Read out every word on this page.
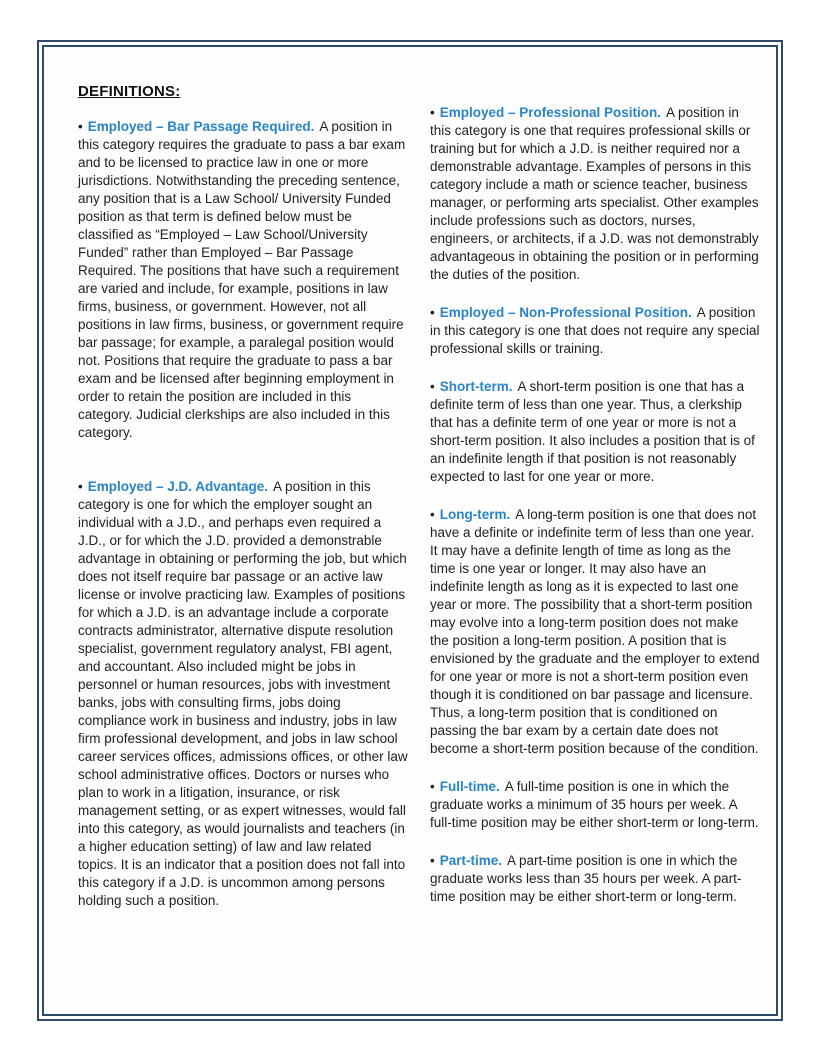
DEFINITIONS:

• Employed – Bar Passage Required. A position in this category requires the graduate to pass a bar exam and to be licensed to practice law in one or more jurisdictions. Notwithstanding the preceding sentence, any position that is a Law School/ University Funded position as that term is defined below must be classified as “Employed – Law School/University Funded” rather than Employed – Bar Passage Required. The positions that have such a requirement are varied and include, for example, positions in law firms, business, or government. However, not all positions in law firms, business, or government require bar passage; for example, a paralegal position would not. Positions that require the graduate to pass a bar exam and be licensed after beginning employment in order to retain the position are included in this category. Judicial clerkships are also included in this category.

• Employed – J.D. Advantage. A position in this category is one for which the employer sought an individual with a J.D., and perhaps even required a J.D., or for which the J.D. provided a demonstrable advantage in obtaining or performing the job, but which does not itself require bar passage or an active law license or involve practicing law. Examples of positions for which a J.D. is an advantage include a corporate contracts administrator, alternative dispute resolution specialist, government regulatory analyst, FBI agent, and accountant. Also included might be jobs in personnel or human resources, jobs with investment banks, jobs with consulting firms, jobs doing compliance work in business and industry, jobs in law firm professional development, and jobs in law school career services offices, admissions offices, or other law school administrative offices. Doctors or nurses who plan to work in a litigation, insurance, or risk management setting, or as expert witnesses, would fall into this category, as would journalists and teachers (in a higher education setting) of law and law related topics. It is an indicator that a position does not fall into this category if a J.D. is uncommon among persons holding such a position.

• Employed – Professional Position. A position in this category is one that requires professional skills or training but for which a J.D. is neither required nor a demonstrable advantage. Examples of persons in this category include a math or science teacher, business manager, or performing arts specialist. Other examples include professions such as doctors, nurses, engineers, or architects, if a J.D. was not demonstrably advantageous in obtaining the position or in performing the duties of the position.

• Employed – Non-Professional Position. A position in this category is one that does not require any special professional skills or training.

• Short-term. A short-term position is one that has a definite term of less than one year. Thus, a clerkship that has a definite term of one year or more is not a short-term position. It also includes a position that is of an indefinite length if that position is not reasonably expected to last for one year or more.

• Long-term. A long-term position is one that does not have a definite or indefinite term of less than one year. It may have a definite length of time as long as the time is one year or longer. It may also have an indefinite length as long as it is expected to last one year or more. The possibility that a short-term position may evolve into a long-term position does not make the position a long-term position. A position that is envisioned by the graduate and the employer to extend for one year or more is not a short-term position even though it is conditioned on bar passage and licensure. Thus, a long-term position that is conditioned on passing the bar exam by a certain date does not become a short-term position because of the condition.

• Full-time. A full-time position is one in which the graduate works a minimum of 35 hours per week. A full-time position may be either short-term or long-term.

• Part-time. A part-time position is one in which the graduate works less than 35 hours per week. A part-time position may be either short-term or long-term.
